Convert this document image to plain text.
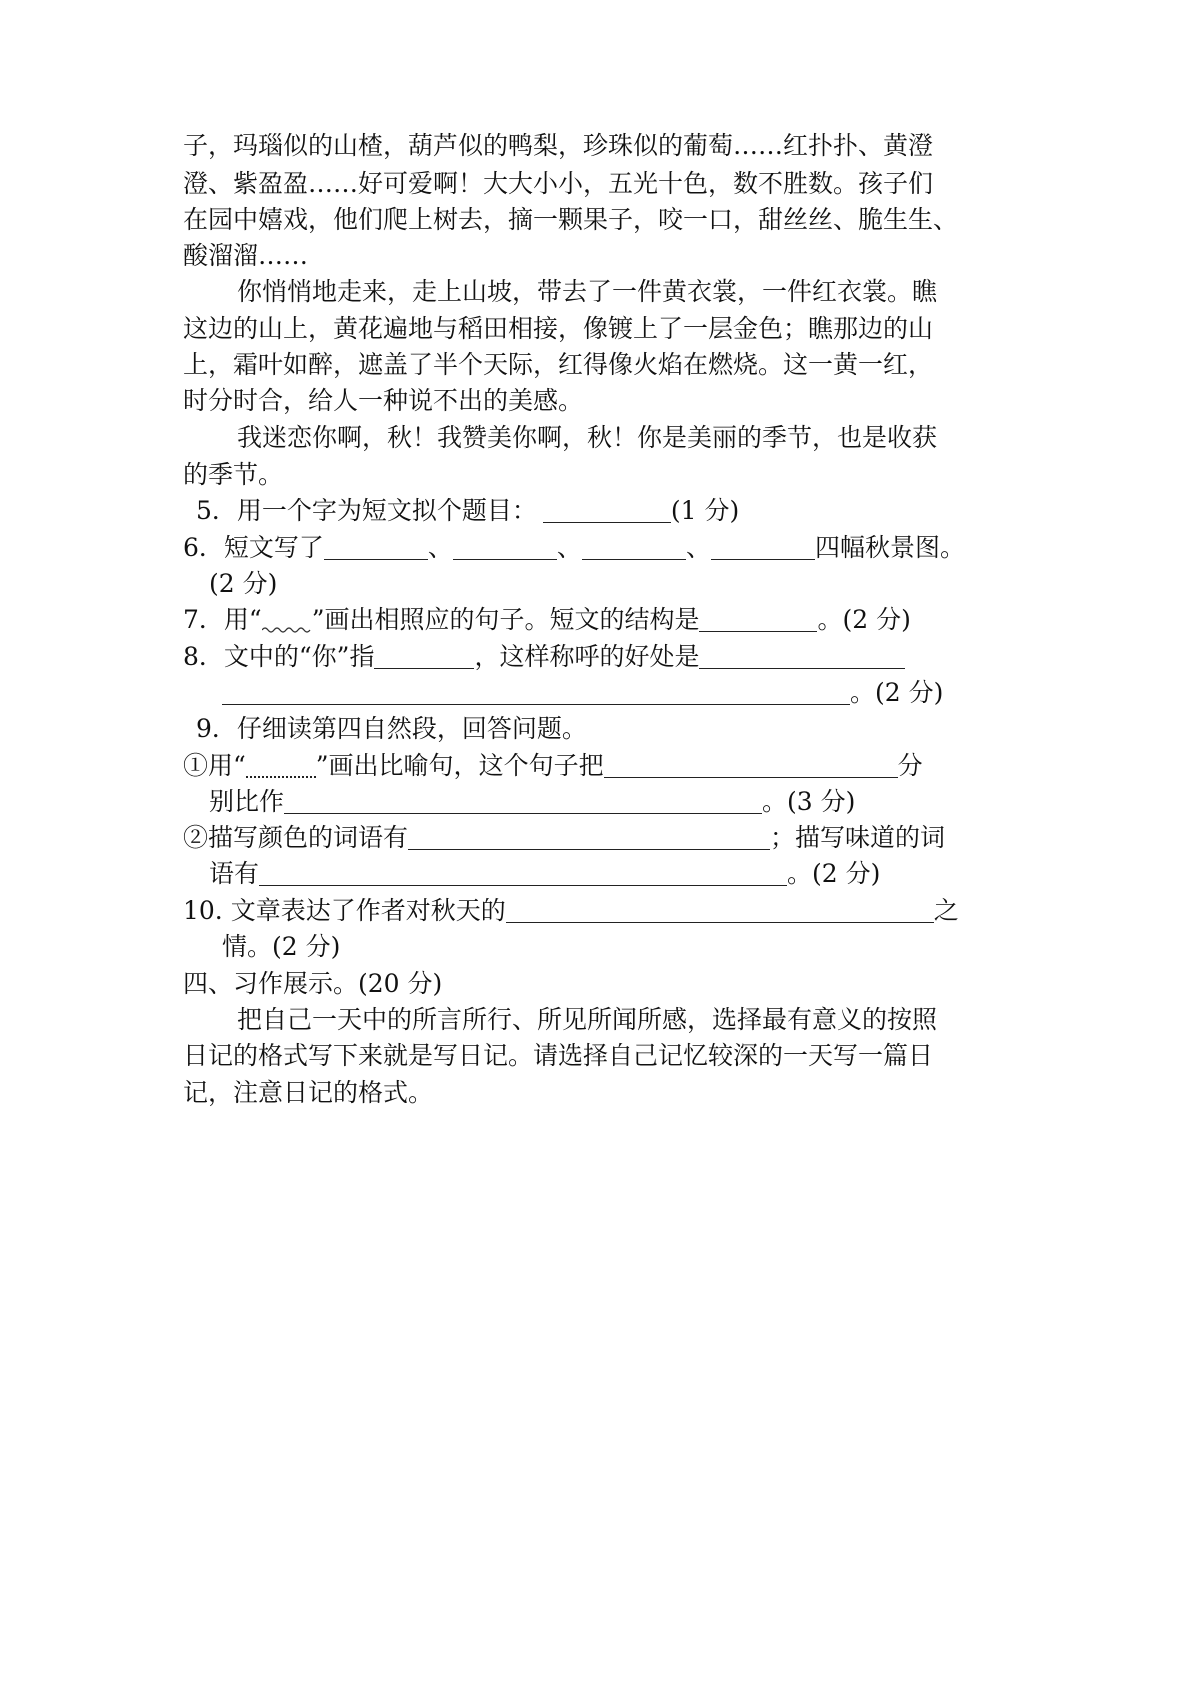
子，玛瑙似的山楂，葫芦似的鸭梨，珍珠似的葡萄……红扑扑、黄澄
澄、紫盈盈……好可爱啊！大大小小，五光十色，数不胜数。孩子们
在园中嬉戏，他们爬上树去，摘一颗果子，咬一口，甜丝丝、脆生生、
酸溜溜……
你悄悄地走来，走上山坡，带去了一件黄衣裳，一件红衣裳。瞧
这边的山上，黄花遍地与稻田相接，像镀上了一层金色；瞧那边的山
上，霜叶如醉，遮盖了半个天际，红得像火焰在燃烧。这一黄一红，
时分时合，给人一种说不出的美感。
我迷恋你啊，秋！我赞美你啊，秋！你是美丽的季节，也是收获
的季节。
5．用一个字为短文拟个题目：	(1 分)
6．短文写了	、	、	、	四幅秋景图。
(2 分)
7．用“ ”画出相照应的句子。短文的结构是	。(2 分)
8．文中的“你”指	，这样称呼的好处是
。(2 分)
9．仔细读第四自然段，回答问题。
①用“	”画出比喻句，这个句子把	分
别比作	。(3 分)
②描写颜色的词语有	；描写味道的词
语有	。(2 分)
10. 文章表达了作者对秋天的	之
情。(2 分)
四、习作展示。(20 分)
把自己一天中的所言所行、所见所闻所感，选择最有意义的按照
日记的格式写下来就是写日记。请选择自己记忆较深的一天写一篇日
记，注意日记的格式。
